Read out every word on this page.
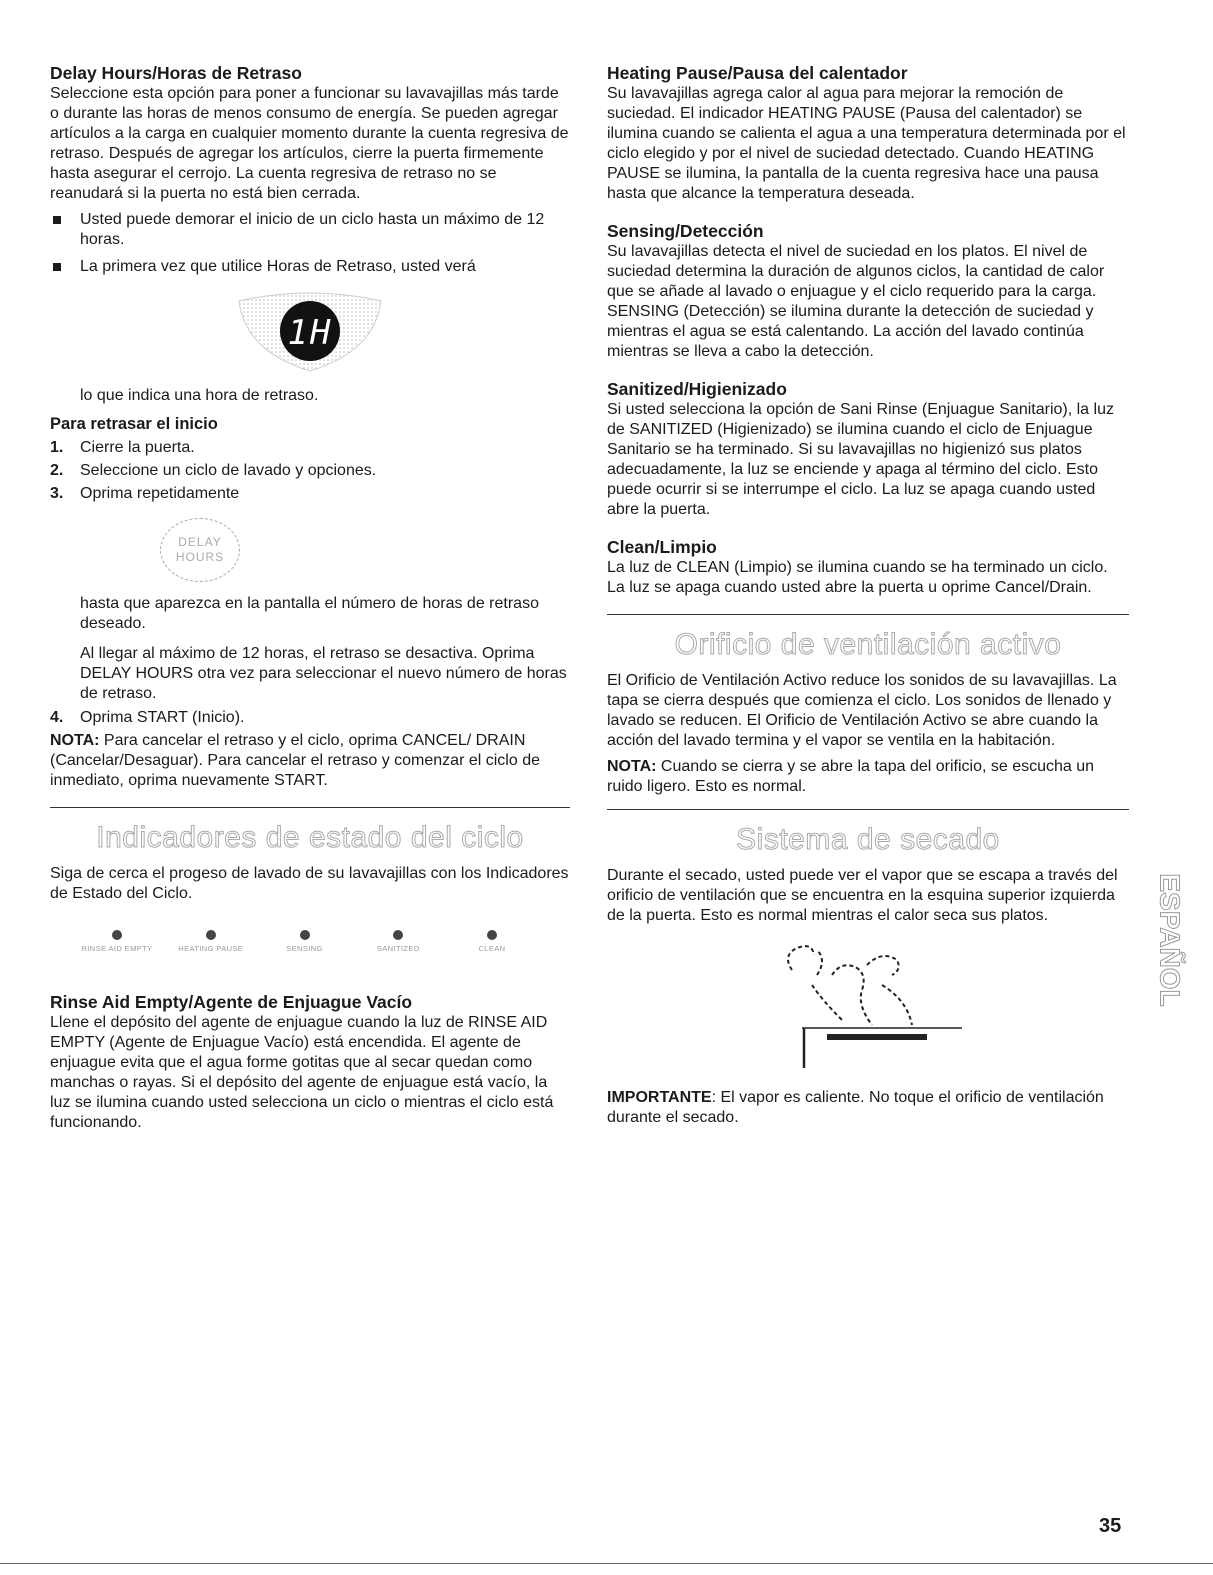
Delay Hours/Horas de Retraso

Seleccione esta opción para poner a funcionar su lavavajillas más tarde o durante las horas de menos consumo de energía. Se pueden agregar artículos a la carga en cualquier momento durante la cuenta regresiva de retraso. Después de agregar los artículos, cierre la puerta firmemente hasta asegurar el cerrojo. La cuenta regresiva de retraso no se reanudará si la puerta no está bien cerrada.

Usted puede demorar el inicio de un ciclo hasta un máximo de 12 horas.
La primera vez que utilice Horas de Retraso, usted verá
1H

lo que indica una hora de retraso.

Para retrasar el inicio

1. Cierre la puerta.
2. Seleccione un ciclo de lavado y opciones.
3. Oprima repetidamente
DELAY
HOURS

hasta que aparezca en la pantalla el número de horas de retraso deseado.

Al llegar al máximo de 12 horas, el retraso se desactiva. Oprima DELAY HOURS otra vez para seleccionar el nuevo número de horas de retraso.

4. Oprima START (Inicio).

NOTA: Para cancelar el retraso y el ciclo, oprima CANCEL/ DRAIN (Cancelar/Desaguar). Para cancelar el retraso y comenzar el ciclo de inmediato, oprima nuevamente START.

Indicadores de estado del ciclo

Siga de cerca el progeso de lavado de su lavavajillas con los Indicadores de Estado del Ciclo.

RINSE AID EMPTY	HEATING PAUSE	SENSING	SANITIZED	CLEAN
Rinse Aid Empty/Agente de Enjuague Vacío

Llene el depósito del agente de enjuague cuando la luz de RINSE AID EMPTY (Agente de Enjuague Vacío) está encendida. El agente de enjuague evita que el agua forme gotitas que al secar quedan como manchas o rayas. Si el depósito del agente de enjuague está vacío, la luz se ilumina cuando usted selecciona un ciclo o mientras el ciclo está funcionando.

Heating Pause/Pausa del calentador

Su lavavajillas agrega calor al agua para mejorar la remoción de suciedad. El indicador HEATING PAUSE (Pausa del calentador) se ilumina cuando se calienta el agua a una temperatura determinada por el ciclo elegido y por el nivel de suciedad detectado. Cuando HEATING PAUSE se ilumina, la pantalla de la cuenta regresiva hace una pausa hasta que alcance la temperatura deseada.

Sensing/Detección

Su lavavajillas detecta el nivel de suciedad en los platos. El nivel de suciedad determina la duración de algunos ciclos, la cantidad de calor que se añade al lavado o enjuague y el ciclo requerido para la carga. SENSING (Detección) se ilumina durante la detección de suciedad y mientras el agua se está calentando. La acción del lavado continúa mientras se lleva a cabo la detección.

Sanitized/Higienizado

Si usted selecciona la opción de Sani Rinse (Enjuague Sanitario), la luz de SANITIZED (Higienizado) se ilumina cuando el ciclo de Enjuague Sanitario se ha terminado. Si su lavavajillas no higienizó sus platos adecuadamente, la luz se enciende y apaga al término del ciclo. Esto puede ocurrir si se interrumpe el ciclo. La luz se apaga cuando usted abre la puerta.

Clean/Limpio

La luz de CLEAN (Limpio) se ilumina cuando se ha terminado un ciclo. La luz se apaga cuando usted abre la puerta u oprime Cancel/Drain.

Orificio de ventilación activo

El Orificio de Ventilación Activo reduce los sonidos de su lavavajillas. La tapa se cierra después que comienza el ciclo. Los sonidos de llenado y lavado se reducen. El Orificio de Ventilación Activo se abre cuando la acción del lavado termina y el vapor se ventila en la habitación.

NOTA: Cuando se cierra y se abre la tapa del orificio, se escucha un ruido ligero. Esto es normal.

Sistema de secado

Durante el secado, usted puede ver el vapor que se escapa a través del orificio de ventilación que se encuentra en la esquina superior izquierda de la puerta. Esto es normal mientras el calor seca sus platos.

IMPORTANTE: El vapor es caliente. No toque el orificio de ventilación durante el secado.

ESPAÑOL
35
